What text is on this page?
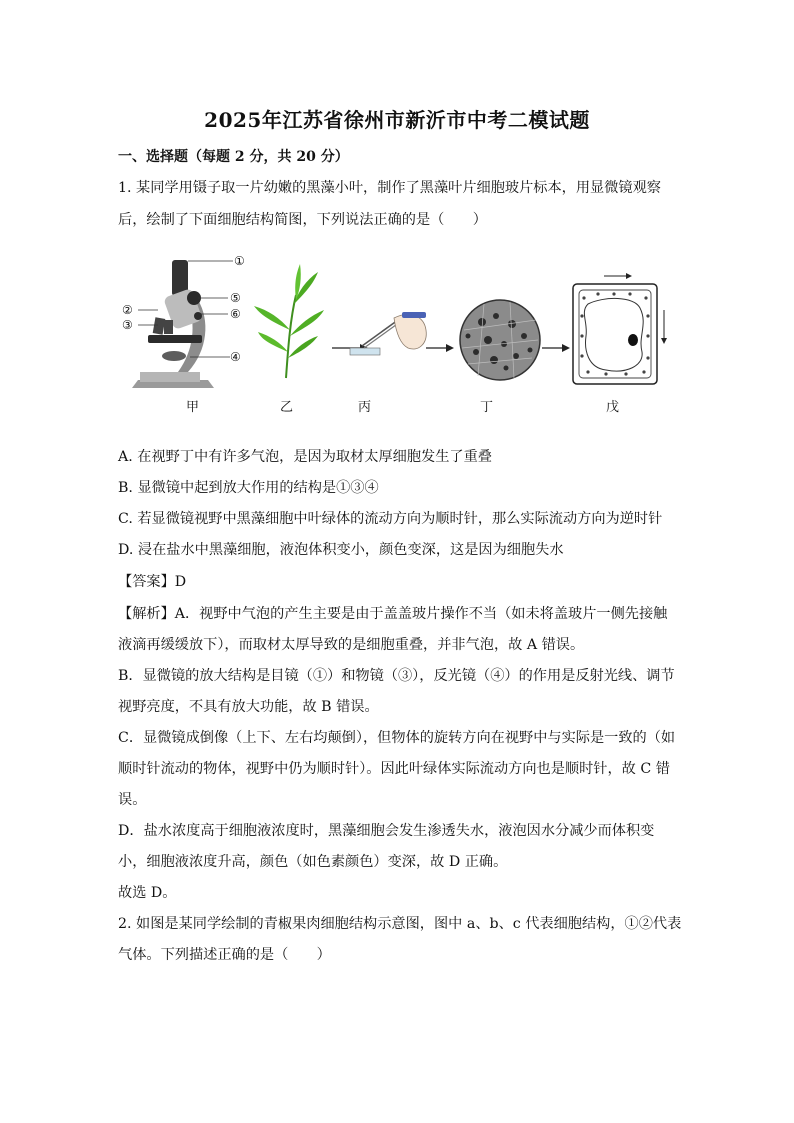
2025年江苏省徐州市新沂市中考二模试题
一、选择题（每题 2 分，共 20 分）
1. 某同学用镊子取一片幼嫩的黑藻小叶，制作了黑藻叶片细胞玻片标本，用显微镜观察
后，绘制了下面细胞结构简图，下列说法正确的是（　　）
①
②
③
⑤
⑥
④
甲	乙	丙	丁	戊
A. 在视野丁中有许多气泡，是因为取材太厚细胞发生了重叠
B. 显微镜中起到放大作用的结构是①③④
C. 若显微镜视野中黑藻细胞中叶绿体的流动方向为顺时针，那么实际流动方向为逆时针
D. 浸在盐水中黑藻细胞，液泡体积变小，颜色变深，这是因为细胞失水
【答案】D
【解析】A．视野中气泡的产生主要是由于盖盖玻片操作不当（如未将盖玻片一侧先接触
液滴再缓缓放下），而取材太厚导致的是细胞重叠，并非气泡，故 A 错误。
B．显微镜的放大结构是目镜（①）和物镜（③），反光镜（④）的作用是反射光线、调节
视野亮度，不具有放大功能，故 B 错误。
C．显微镜成倒像（上下、左右均颠倒），但物体的旋转方向在视野中与实际是一致的（如
顺时针流动的物体，视野中仍为顺时针）。因此叶绿体实际流动方向也是顺时针，故 C 错
误。
D．盐水浓度高于细胞液浓度时，黑藻细胞会发生渗透失水，液泡因水分减少而体积变
小，细胞液浓度升高，颜色（如色素颜色）变深，故 D 正确。
故选 D。
2. 如图是某同学绘制的青椒果肉细胞结构示意图，图中 a、b、c 代表细胞结构，①②代表
气体。下列描述正确的是（　　）
